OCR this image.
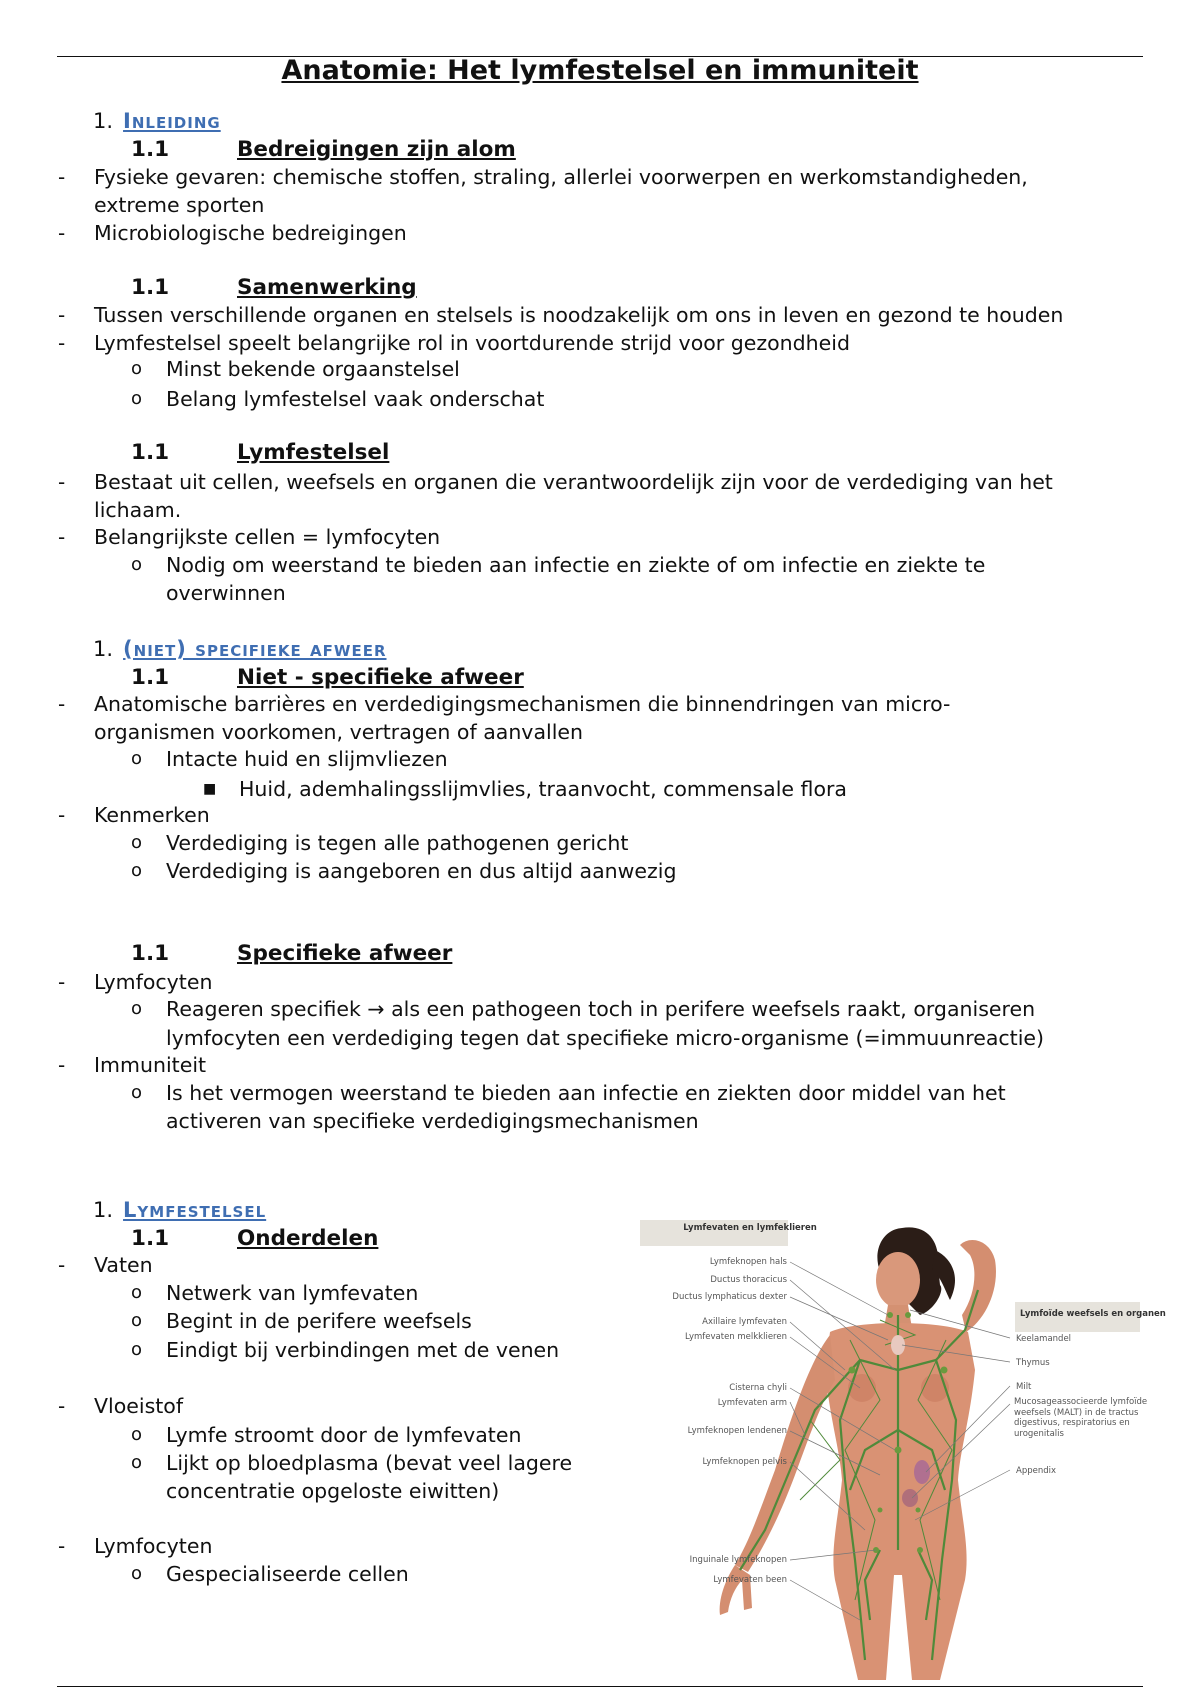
Anatomie: Het lymfestelsel en immuniteit
1. Inleiding
1.1	Bedreigingen zijn alom
- Fysieke gevaren: chemische stoffen, straling, allerlei voorwerpen en werkomstandigheden,
extreme sporten
- Microbiologische bedreigingen
1.1	Samenwerking
- Tussen verschillende organen en stelsels is noodzakelijk om ons in leven en gezond te houden
- Lymfestelsel speelt belangrijke rol in voortdurende strijd voor gezondheid
o Minst bekende orgaanstelsel
o Belang lymfestelsel vaak onderschat
1.1	Lymfestelsel
- Bestaat uit cellen, weefsels en organen die verantwoordelijk zijn voor de verdediging van het
lichaam.
- Belangrijkste cellen = lymfocyten
o Nodig om weerstand te bieden aan infectie en ziekte of om infectie en ziekte te
overwinnen
1. (niet) specifieke afweer
1.1	Niet - specifieke afweer
- Anatomische barrières en verdedigingsmechanismen die binnendringen van micro-
organismen voorkomen, vertragen of aanvallen
o Intacte huid en slijmvliezen
■ Huid, ademhalingsslijmvlies, traanvocht, commensale flora
- Kenmerken
o Verdediging is tegen alle pathogenen gericht
o Verdediging is aangeboren en dus altijd aanwezig
1.1	Specifieke afweer
- Lymfocyten
o Reageren specifiek → als een pathogeen toch in perifere weefsels raakt, organiseren
lymfocyten een verdediging tegen dat specifieke micro-organisme (=immuunreactie)
- Immuniteit
o Is het vermogen weerstand te bieden aan infectie en ziekten door middel van het
activeren van specifieke verdedigingsmechanismen
1. Lymfestelsel
1.1	Onderdelen
- Vaten
o Netwerk van lymfevaten
o Begint in de perifere weefsels
o Eindigt bij verbindingen met de venen
- Vloeistof
o Lymfe stroomt door de lymfevaten
o Lijkt op bloedplasma (bevat veel lagere
concentratie opgeloste eiwitten)
- Lymfocyten
o Gespecialiseerde cellen
Lymfevaten en lymfeklieren
Lymfoïde weefsels en organen
Lymfeknopen hals
Ductus thoracicus
Ductus lymphaticus dexter
Axillaire lymfevaten
Lymfevaten melkklieren
Cisterna chyli
Lymfevaten arm
Lymfeknopen lendenen
Lymfeknopen pelvis
Inguinale lymfeknopen
Lymfevaten been
Keelamandel
Thymus
Milt
Mucosageassocieerde lymfoïde weefsels (MALT) in de tractus digestivus, respiratorius en urogenitalis
Appendix
